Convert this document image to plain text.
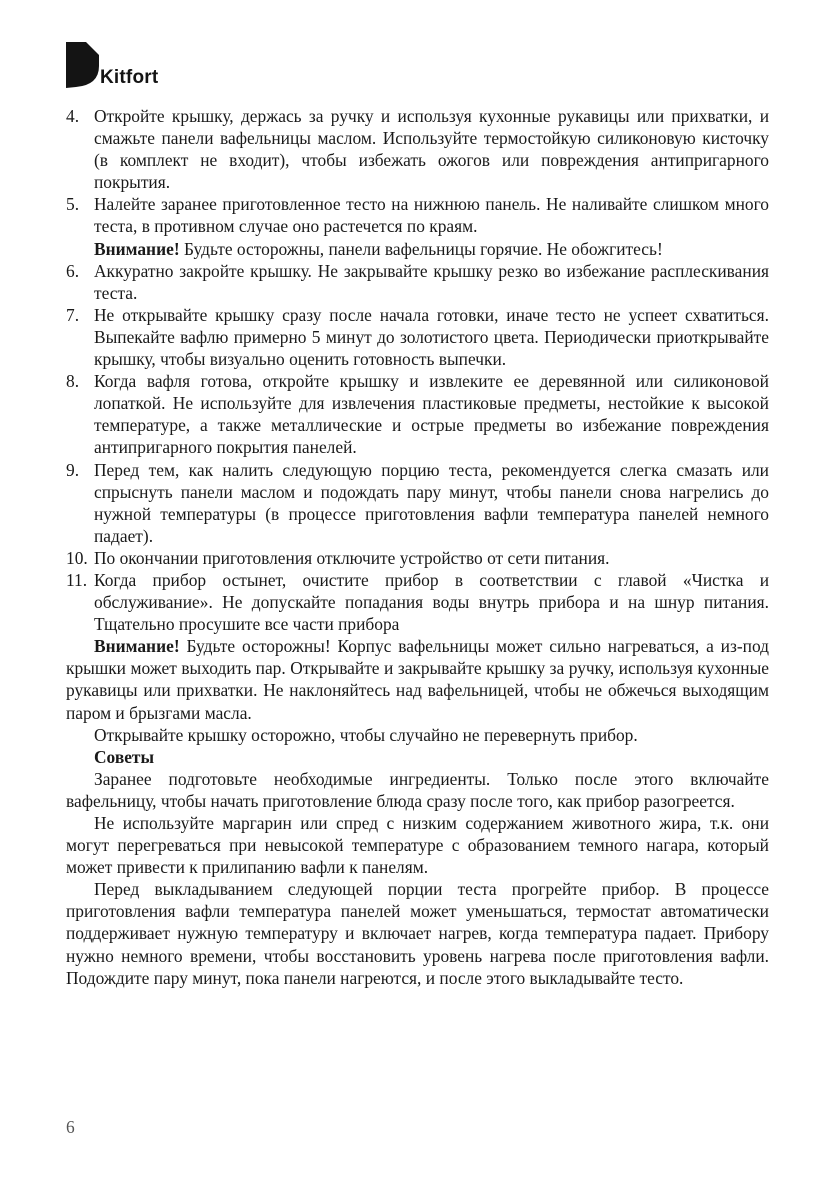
Kitfort
4. Откройте крышку, держась за ручку и используя кухонные рукавицы или прихватки, и смажьте панели вафельницы маслом. Используйте термостойкую силиконовую кисточку (в комплект не входит), чтобы избежать ожогов или повреждения антипригарного покрытия.

5. Налейте заранее приготовленное тесто на нижнюю панель. Не наливайте слишком много теста, в противном случае оно растечется по краям.

Внимание! Будьте осторожны, панели вафельницы горячие. Не обожгитесь!

6. Аккуратно закройте крышку. Не закрывайте крышку резко во избежание расплескивания теста.

7. Не открывайте крышку сразу после начала готовки, иначе тесто не успеет схватиться. Выпекайте вафлю примерно 5 минут до золотистого цвета. Периодически приоткрывайте крышку, чтобы визуально оценить готовность выпечки.

8. Когда вафля готова, откройте крышку и извлеките ее деревянной или силиконовой лопаткой. Не используйте для извлечения пластиковые предметы, нестойкие к высокой температуре, а также металлические и острые предметы во избежание повреждения антипригарного покрытия панелей.

9. Перед тем, как налить следующую порцию теста, рекомендуется слегка смазать или спрыснуть панели маслом и подождать пару минут, чтобы панели снова нагрелись до нужной температуры (в процессе приготовления вафли температура панелей немного падает).

10. По окончании приготовления отключите устройство от сети питания.

11. Когда прибор остынет, очистите прибор в соответствии с главой «Чистка и обслуживание». Не допускайте попадания воды внутрь прибора и на шнур питания. Тщательно просушите все части прибора

Внимание! Будьте осторожны! Корпус вафельницы может сильно нагреваться, а из-под крышки может выходить пар. Открывайте и закрывайте крышку за ручку, используя кухонные рукавицы или прихватки. Не наклоняйтесь над вафельницей, чтобы не обжечься выходящим паром и брызгами масла.

Открывайте крышку осторожно, чтобы случайно не перевернуть прибор.

Советы

Заранее подготовьте необходимые ингредиенты. Только после этого включайте вафельницу, чтобы начать приготовление блюда сразу после того, как прибор разогреется.

Не используйте маргарин или спред с низким содержанием животного жира, т.к. они могут перегреваться при невысокой температуре с образованием темного нагара, который может привести к прилипанию вафли к панелям.

Перед выкладыванием следующей порции теста прогрейте прибор. В процессе приготовления вафли температура панелей может уменьшаться, термостат автоматически поддерживает нужную температуру и включает нагрев, когда температура падает. Прибору нужно немного времени, чтобы восстановить уровень нагрева после приготовления вафли. Подождите пару минут, пока панели нагреются, и после этого выкладывайте тесто.

6
